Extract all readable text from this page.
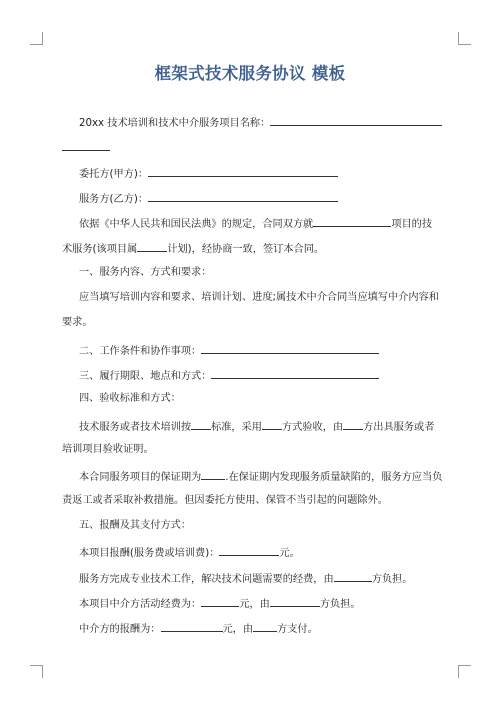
框架式技术服务协议 模板
20xx 技术培训和技术中介服务项目名称：
委托方(甲方)：
服务方(乙方)：
依据《中华人民共和国民法典》的规定，合同双方就	项目的技
术服务(该项目属	计划)，经协商一致，签订本合同。
一、服务内容、方式和要求：
应当填写培训内容和要求、培训计划、进度;属技术中介合同当应填写中介内容和
要求。
二、工作条件和协作事项：
三、履行期限、地点和方式：
四、验收标准和方式：
技术服务或者技术培训按 标准，采用 方式验收，由 方出具服务或者
培训项目验收证明。
本合同服务项目的保证期为 .在保证期内发现服务质量缺陷的，服务方应当负
责返工或者采取补救措施。但因委托方使用、保管不当引起的问题除外。
五、报酬及其支付方式：
本项目报酬(服务费或培训费)：	元。
服务方完成专业技术工作，解决技术问题需要的经费，由	方负担。
本项目中介方活动经费为：	元，由	方负担。
中介方的报酬为：	元，由 方支付。
